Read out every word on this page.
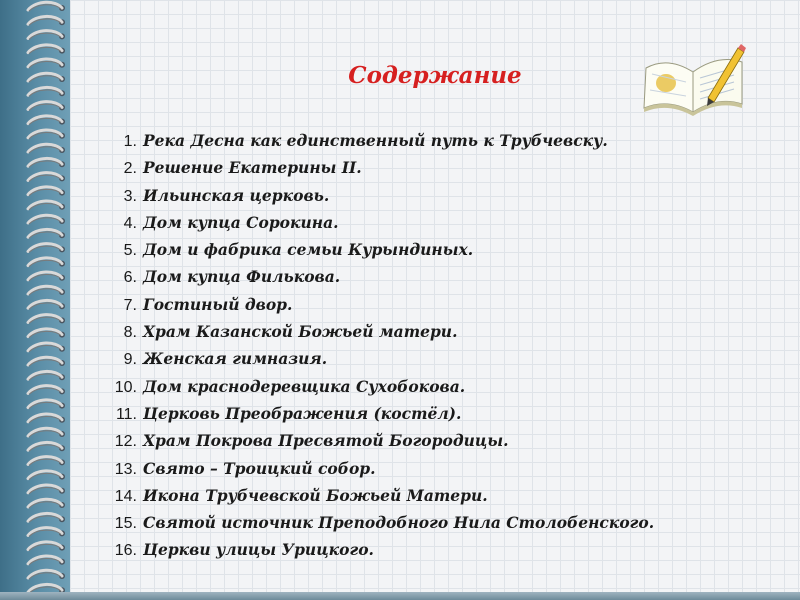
Содержание
1. Река Десна как единственный путь к Трубчевску.
2. Решение Екатерины II.
3. Ильинская церковь.
4. Дом купца Сорокина.
5. Дом и фабрика семьи Курындиных.
6. Дом купца Филькова.
7. Гостиный двор.
8. Храм Казанской Божьей матери.
9. Женская гимназия.
10. Дом краснодеревщика Сухобокова.
11. Церковь Преображения (костёл).
12. Храм Покрова Пресвятой Богородицы.
13. Свято – Троицкий собор.
14. Икона Трубчевской Божьей Матери.
15. Святой источник Преподобного Нила Столобенского.
16. Церкви улицы Урицкого.
